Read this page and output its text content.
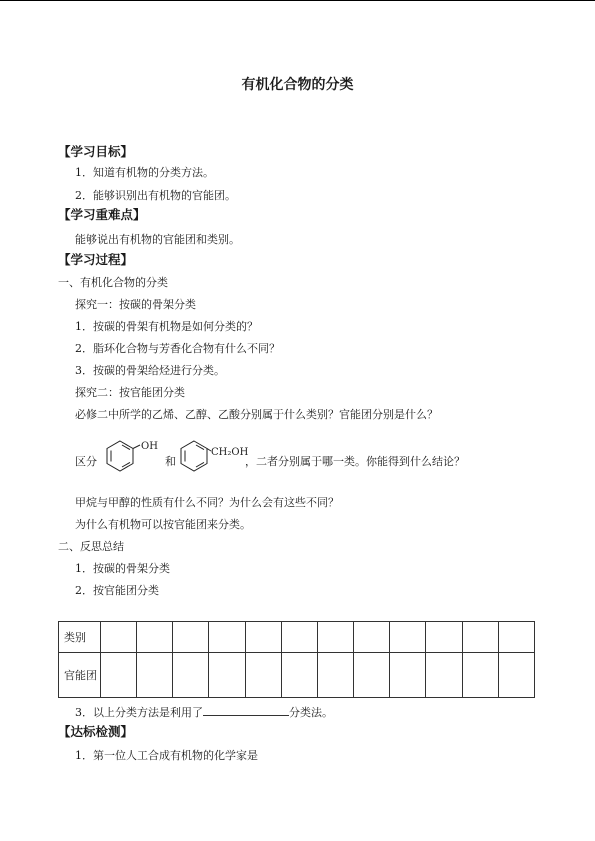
有机化合物的分类
【学习目标】
1．知道有机物的分类方法。
2．能够识别出有机物的官能团。
【学习重难点】
能够说出有机物的官能团和类别。
【学习过程】
一、有机化合物的分类
探究一：按碳的骨架分类
1．按碳的骨架有机物是如何分类的？
2．脂环化合物与芳香化合物有什么不同？
3．按碳的骨架给烃进行分类。
探究二：按官能团分类
必修二中所学的乙烯、乙醇、乙酸分别属于什么类别？官能团分别是什么？
区分
OH
和
CH₂OH
，二者分别属于哪一类。你能得到什么结论？
甲烷与甲醇的性质有什么不同？为什么会有这些不同？
为什么有机物可以按官能团来分类。
二、反思总结
1．按碳的骨架分类
2．按官能团分类
类别												
官能团												
3．以上分类方法是利用了	分类法。
【达标检测】
1．第一位人工合成有机物的化学家是
